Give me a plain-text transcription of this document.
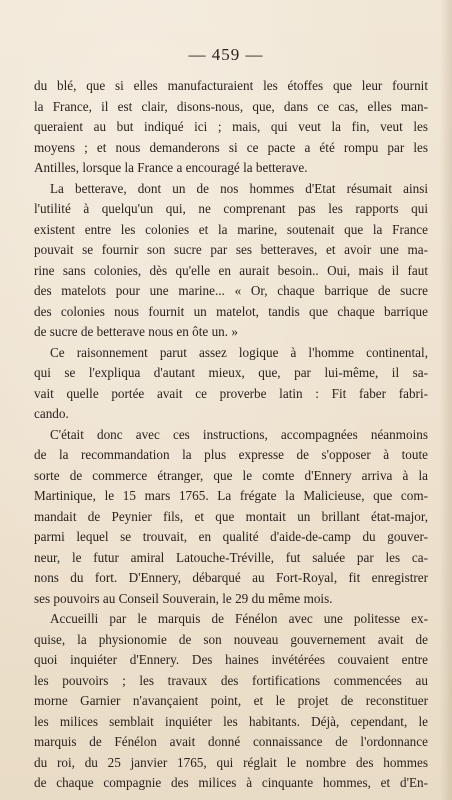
— 459 —

du blé, que si elles manufacturaient les étoffes que leur fournit
la France, il est clair, disons-nous, que, dans ce cas, elles man-
queraient au but indiqué ici ; mais, qui veut la fin, veut les
moyens ; et nous demanderons si ce pacte a été rompu par les
Antilles, lorsque la France a encouragé la betterave.
La betterave, dont un de nos hommes d'Etat résumait ainsi
l'utilité à quelqu'un qui, ne comprenant pas les rapports qui
existent entre les colonies et la marine, soutenait que la France
pouvait se fournir son sucre par ses betteraves, et avoir une ma-
rine sans colonies, dès qu'elle en aurait besoin.. Oui, mais il faut
des matelots pour une marine... « Or, chaque barrique de sucre
des colonies nous fournit un matelot, tandis que chaque barrique
de sucre de betterave nous en ôte un. »
Ce raisonnement parut assez logique à l'homme continental,
qui se l'expliqua d'autant mieux, que, par lui-même, il sa-
vait quelle portée avait ce proverbe latin : Fit faber fabri-
cando.
C'était donc avec ces instructions, accompagnées néanmoins
de la recommandation la plus expresse de s'opposer à toute
sorte de commerce étranger, que le comte d'Ennery arriva à la
Martinique, le 15 mars 1765. La frégate la Malicieuse, que com-
mandait de Peynier fils, et que montait un brillant état-major,
parmi lequel se trouvait, en qualité d'aide-de-camp du gouver-
neur, le futur amiral Latouche-Tréville, fut saluée par les ca-
nons du fort. D'Ennery, débarqué au Fort-Royal, fit enregistrer
ses pouvoirs au Conseil Souverain, le 29 du même mois.
Accueilli par le marquis de Fénélon avec une politesse ex-
quise, la physionomie de son nouveau gouvernement avait de
quoi inquiéter d'Ennery. Des haines invétérées couvaient entre
les pouvoirs ; les travaux des fortifications commencées au
morne Garnier n'avançaient point, et le projet de reconstituer
les milices semblait inquiéter les habitants. Déjà, cependant, le
marquis de Fénélon avait donné connaissance de l'ordonnance
du roi, du 25 janvier 1765, qui réglait le nombre des hommes
de chaque compagnie des milices à cinquante hommes, et d'En-
